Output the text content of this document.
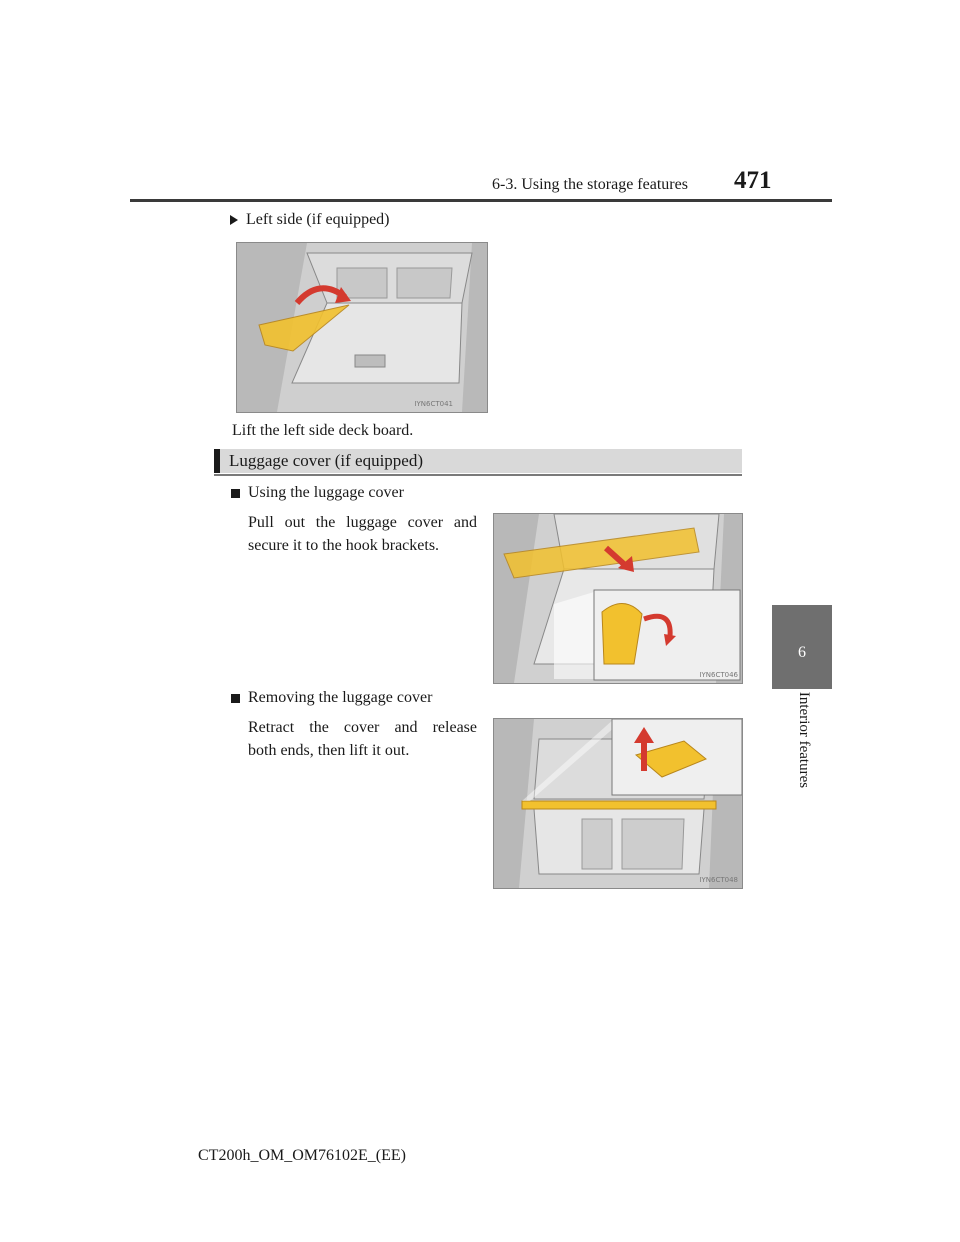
6-3. Using the storage features 471
6
Interior features
Left side (if equipped)
IYN6CT041
Lift the left side deck board.
Luggage cover (if equipped)
Using the luggage cover
Pull out the luggage cover and
secure it to the hook brackets.
IYN6CT046
Removing the luggage cover
Retract the cover and release
both ends, then lift it out.
IYN6CT048
CT200h_OM_OM76102E_(EE)
